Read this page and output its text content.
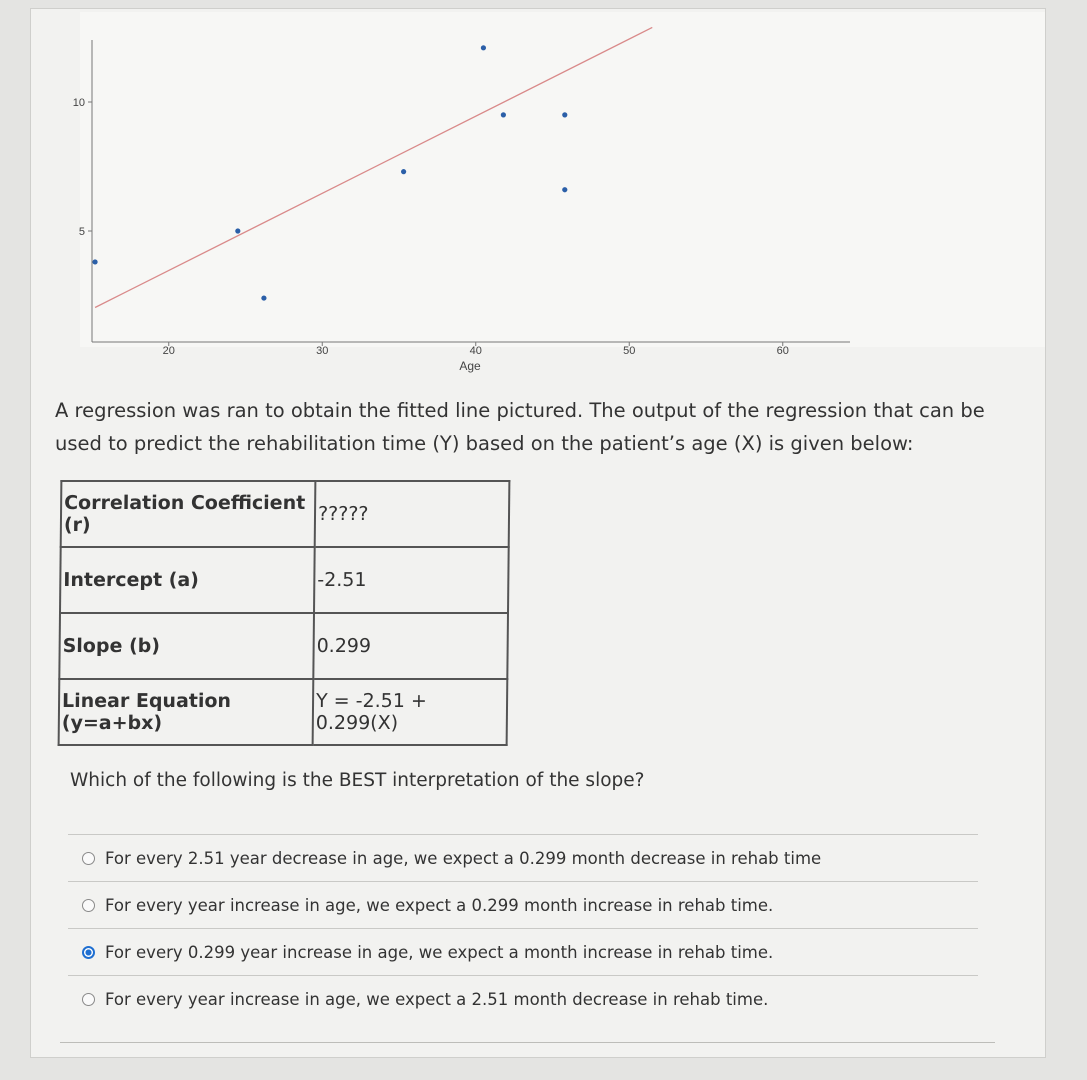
5
10
20	30	40	50	60
Age
A regression was ran to obtain the fitted line pictured. The output of the regression that can be used to predict the rehabilitation time (Y) based on the patient’s age (X) is given below:
Correlation Coefficient (r)	?????
Intercept (a)	-2.51
Slope (b)	0.299
Linear Equation (y=a+bx)	Y = -2.51 + 0.299(X)
Which of the following is the BEST interpretation of the slope?
For every 2.51 year decrease in age, we expect a 0.299 month decrease in rehab time
For every year increase in age, we expect a 0.299 month increase in rehab time.
For every 0.299 year increase in age, we expect a month increase in rehab time.
For every year increase in age, we expect a 2.51 month decrease in rehab time.
